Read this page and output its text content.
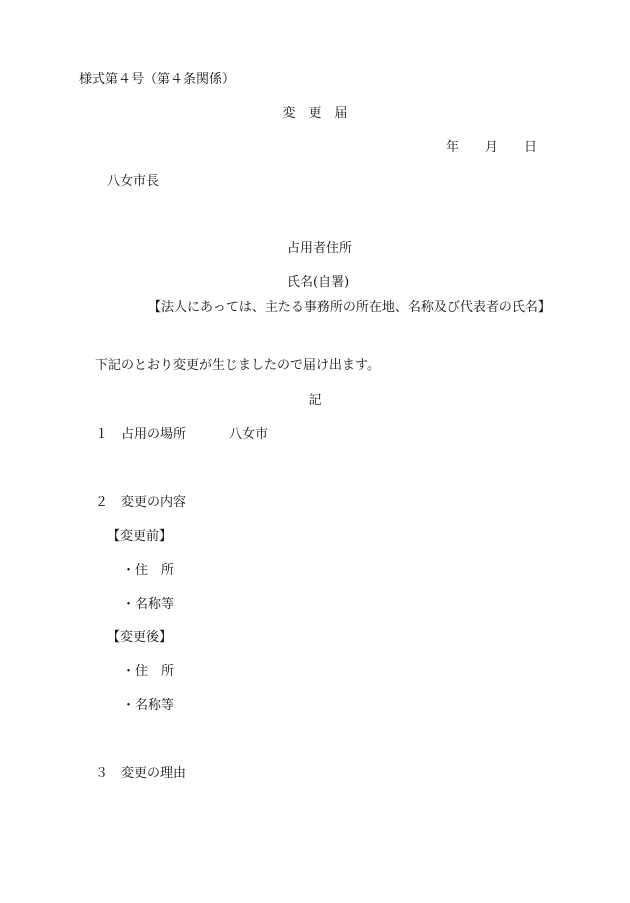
様式第４号（第４条関係）

変　更　届

年　　月　　日

八女市長

占用者住所

氏名(自署)

【法人にあっては、主たる事務所の所在地、名称及び代表者の氏名】

下記のとおり変更が生じましたので届け出ます。

記

１　占用の場所	八女市

２　変更の内容

【変更前】

・住　所

・名称等

【変更後】

・住　所

・名称等

３　変更の理由
